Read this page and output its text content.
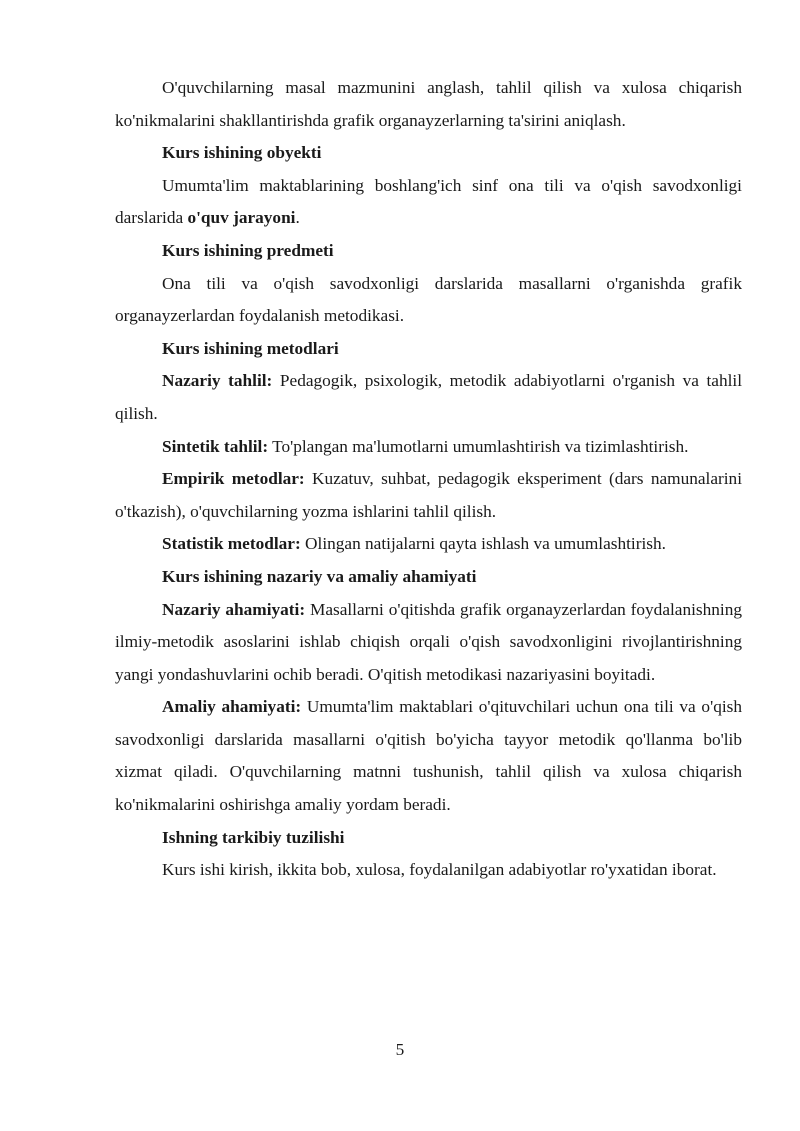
O'quvchilarning masal mazmunini anglash, tahlil qilish va xulosa chiqarish ko'nikmalarini shakllantirishda grafik organayzerlarning ta'sirini aniqlash.

Kurs ishining obyekti

Umumta'lim maktablarining boshlang'ich sinf ona tili va o'qish savodxonligi darslarida o'quv jarayoni.

Kurs ishining predmeti

Ona tili va o'qish savodxonligi darslarida masallarni o'rganishda grafik organayzerlardan foydalanish metodikasi.

Kurs ishining metodlari

Nazariy tahlil: Pedagogik, psixologik, metodik adabiyotlarni o'rganish va tahlil qilish.

Sintetik tahlil: To'plangan ma'lumotlarni umumlashtirish va tizimlashtirish.

Empirik metodlar: Kuzatuv, suhbat, pedagogik eksperiment (dars namunalarini o'tkazish), o'quvchilarning yozma ishlarini tahlil qilish.

Statistik metodlar: Olingan natijalarni qayta ishlash va umumlashtirish.

Kurs ishining nazariy va amaliy ahamiyati

Nazariy ahamiyati: Masallarni o'qitishda grafik organayzerlardan foydalanishning ilmiy-metodik asoslarini ishlab chiqish orqali o'qish savodxonligini rivojlantirishning yangi yondashuvlarini ochib beradi. O'qitish metodikasi nazariyasini boyitadi.

Amaliy ahamiyati: Umumta'lim maktablari o'qituvchilari uchun ona tili va o'qish savodxonligi darslarida masallarni o'qitish bo'yicha tayyor metodik qo'llanma bo'lib xizmat qiladi. O'quvchilarning matnni tushunish, tahlil qilish va xulosa chiqarish ko'nikmalarini oshirishga amaliy yordam beradi.

Ishning tarkibiy tuzilishi

Kurs ishi kirish, ikkita bob, xulosa, foydalanilgan adabiyotlar ro'yxatidan iborat.

5
